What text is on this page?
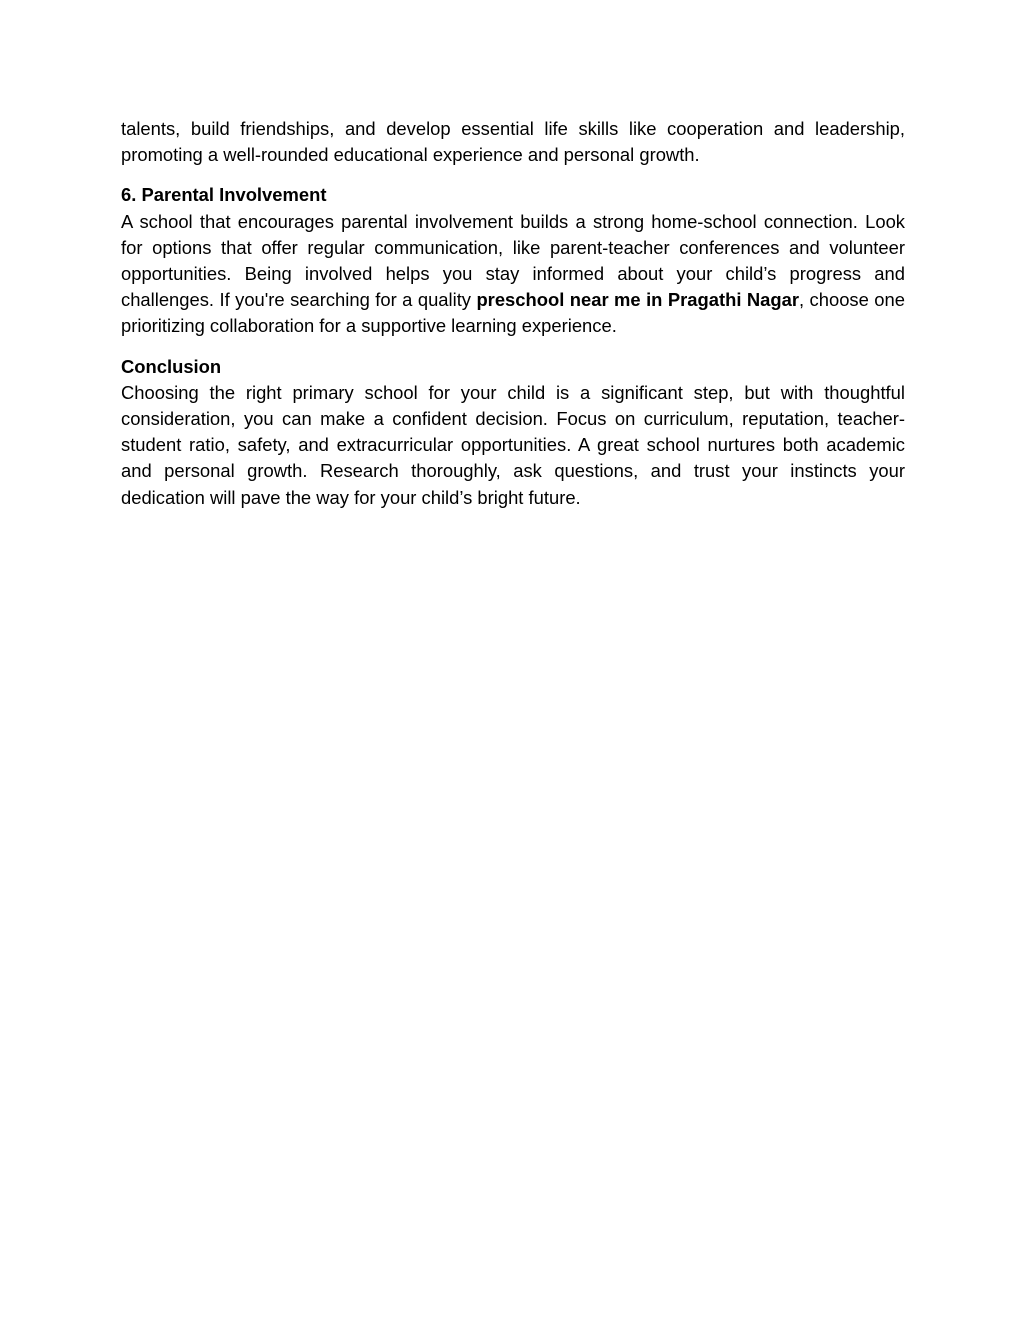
talents, build friendships, and develop essential life skills like cooperation and leadership, promoting a well-rounded educational experience and personal growth.

6. Parental Involvement

A school that encourages parental involvement builds a strong home-school connection. Look for options that offer regular communication, like parent-teacher conferences and volunteer opportunities. Being involved helps you stay informed about your child’s progress and challenges. If you're searching for a quality preschool near me in Pragathi Nagar, choose one prioritizing collaboration for a supportive learning experience.

Conclusion

Choosing the right primary school for your child is a significant step, but with thoughtful consideration, you can make a confident decision. Focus on curriculum, reputation, teacher-student ratio, safety, and extracurricular opportunities. A great school nurtures both academic and personal growth. Research thoroughly, ask questions, and trust your instincts your dedication will pave the way for your child’s bright future.
